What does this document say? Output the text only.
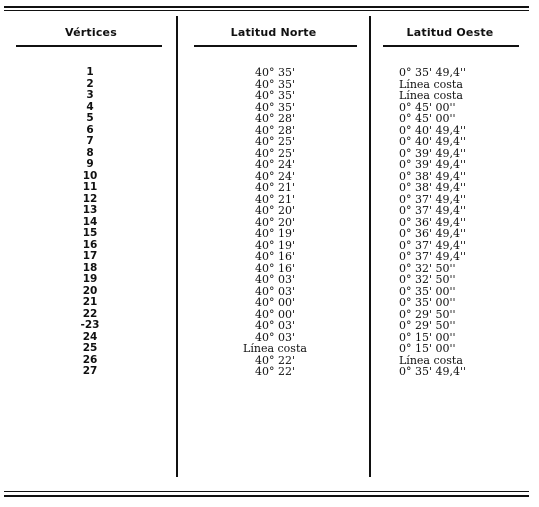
Vértices	Latitud Norte	Latitud Oeste
1	40° 35'	0° 35' 49,4''
2	40° 35'	Línea costa
3	40° 35'	Línea costa
4	40° 35'	0° 45' 00''
5	40° 28'	0° 45' 00''
6	40° 28'	0° 40' 49,4''
7	40° 25'	0° 40' 49,4''
8	40° 25'	0° 39' 49,4''
9	40° 24'	0° 39' 49,4''
10	40° 24'	0° 38' 49,4''
11	40° 21'	0° 38' 49,4''
12	40° 21'	0° 37' 49,4''
13	40° 20'	0° 37' 49,4''
14	40° 20'	0° 36' 49,4''
15	40° 19'	0° 36' 49,4''
16	40° 19'	0° 37' 49,4''
17	40° 16'	0° 37' 49,4''
18	40° 16'	0° 32' 50''
19	40° 03'	0° 32' 50''
20	40° 03'	0° 35' 00''
21	40° 00'	0° 35' 00''
22	40° 00'	0° 29' 50''
-23	40° 03'	0° 29' 50''
24	40° 03'	0° 15' 00''
25	Línea costa	0° 15' 00''
26	40° 22'	Línea costa
27	40° 22'	0° 35' 49,4''
